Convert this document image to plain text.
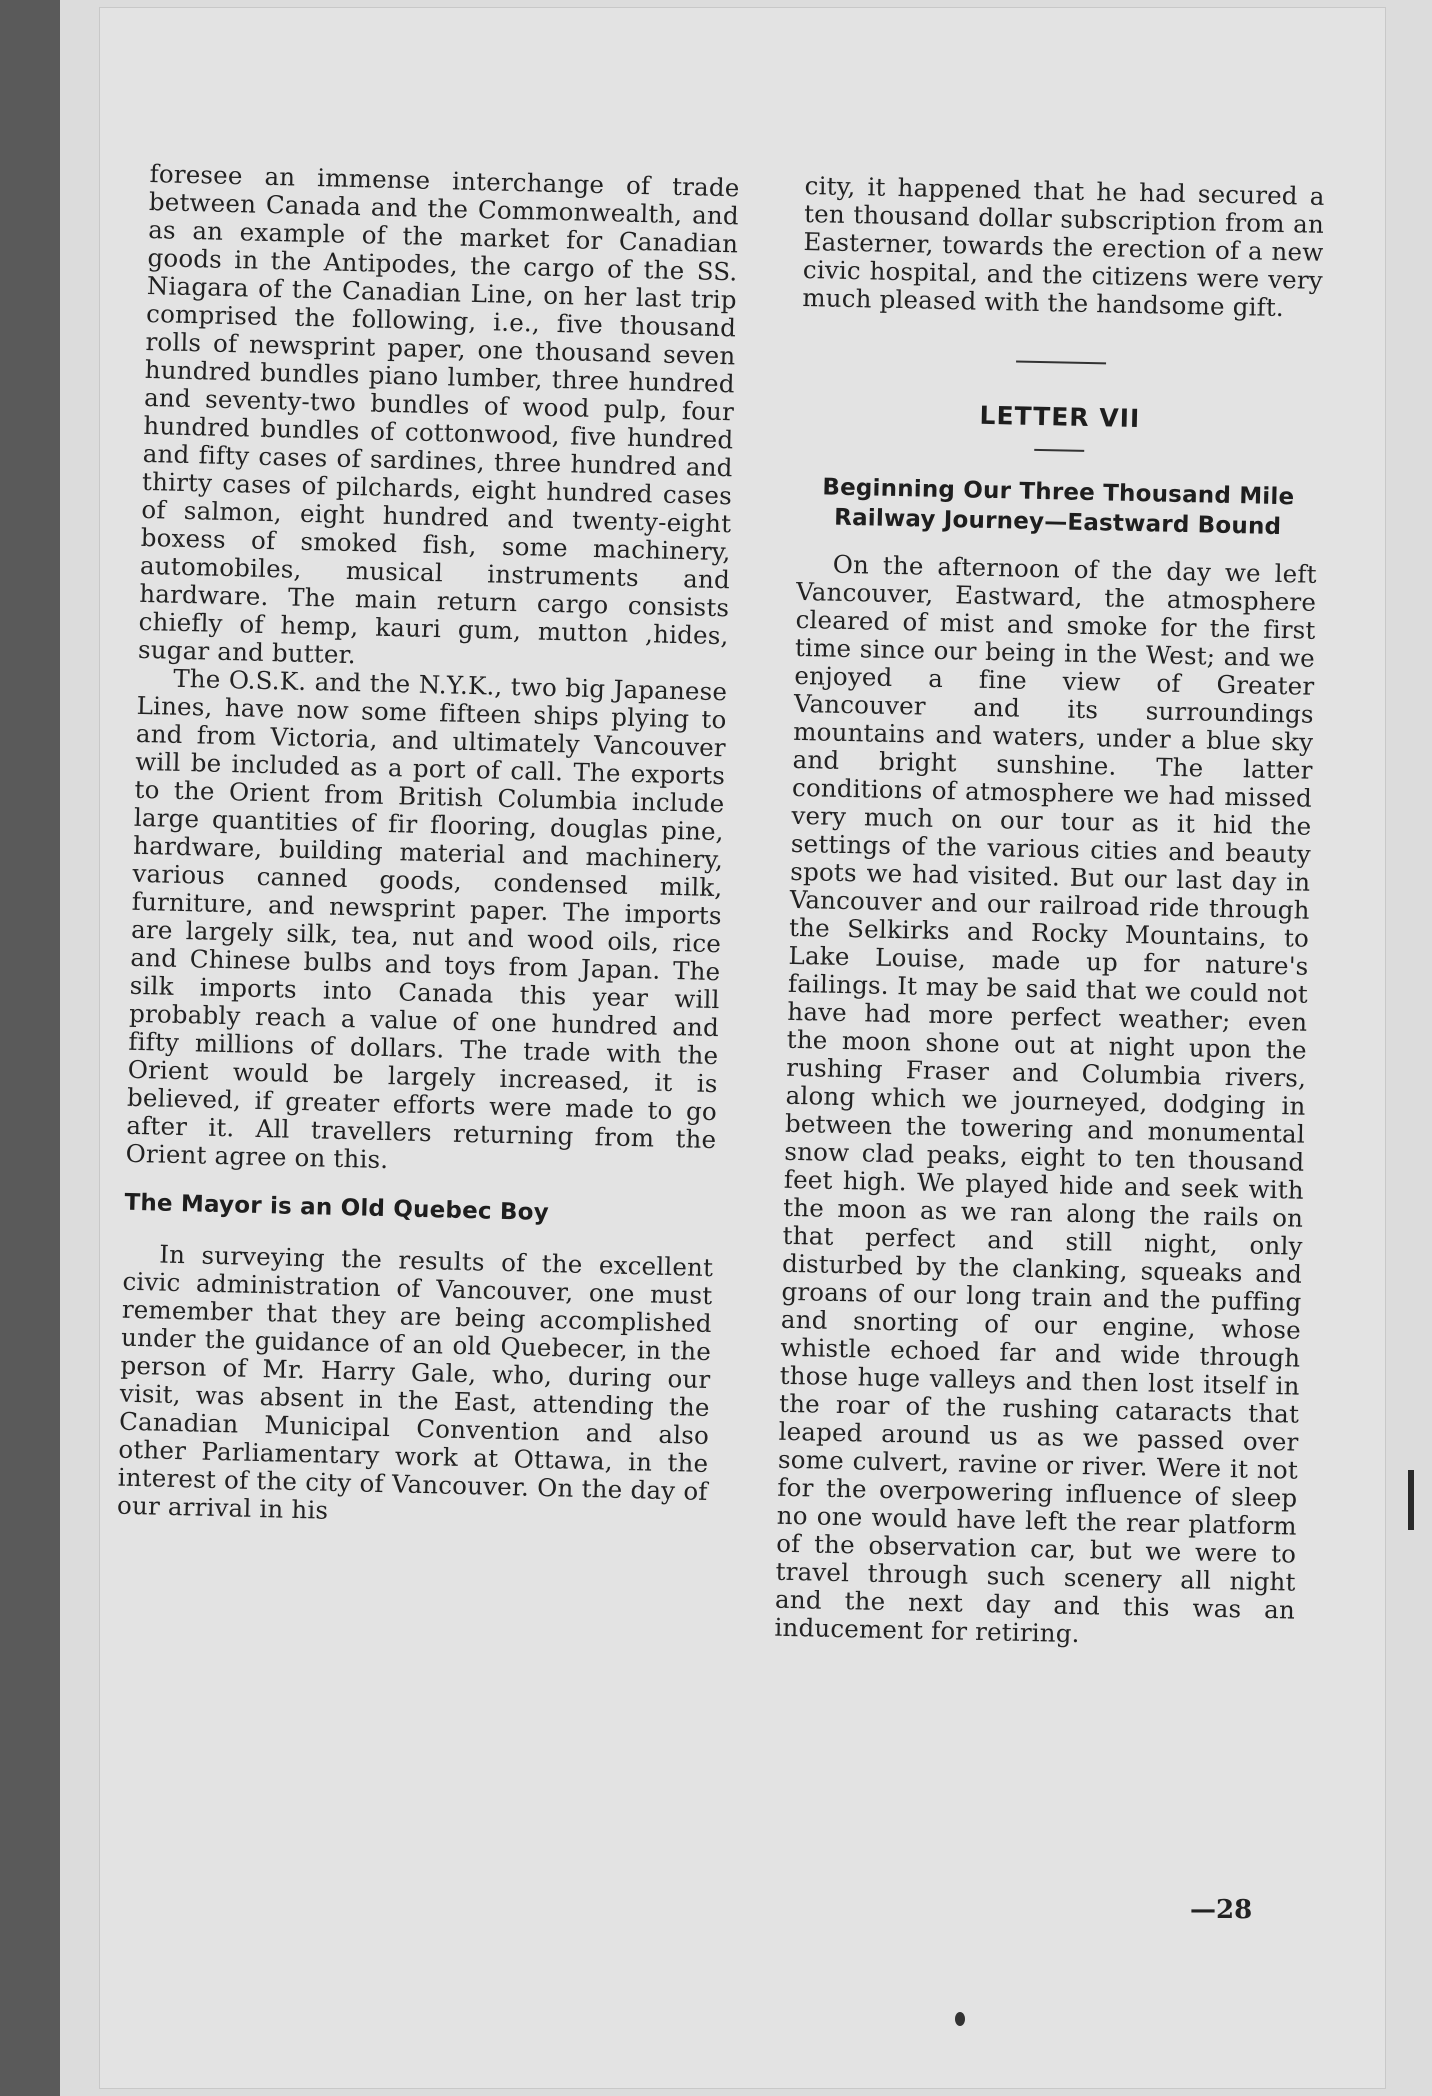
foresee an immense interchange of trade between Canada and the Commonwealth, and as an example of the market for Canadian goods in the Antipodes, the cargo of the SS. Niagara of the Canadian Line, on her last trip comprised the following, i.e., five thousand rolls of newsprint paper, one thousand seven hundred bundles piano lumber, three hundred and seventy-two bundles of wood pulp, four hundred bundles of cottonwood, five hundred and fifty cases of sardines, three hundred and thirty cases of pilchards, eight hundred cases of salmon, eight hundred and twenty-eight boxess of smoked fish, some machinery, automobiles, musical instruments and hardware. The main return cargo consists chiefly of hemp, kauri gum, mutton ,hides, sugar and butter.

The O.S.K. and the N.Y.K., two big Japanese Lines, have now some fifteen ships plying to and from Victoria, and ultimately Vancouver will be included as a port of call. The exports to the Orient from British Columbia include large quantities of fir flooring, douglas pine, hardware, building material and machinery, various canned goods, condensed milk, furniture, and newsprint paper. The imports are largely silk, tea, nut and wood oils, rice and Chinese bulbs and toys from Japan. The silk imports into Canada this year will probably reach a value of one hundred and fifty millions of dollars. The trade with the Orient would be largely increased, it is believed, if greater efforts were made to go after it. All travellers returning from the Orient agree on this.

The Mayor is an Old Quebec Boy

In surveying the results of the excellent civic administration of Vancouver, one must remember that they are being accomplished under the guidance of an old Quebecer, in the person of Mr. Harry Gale, who, during our visit, was absent in the East, attending the Canadian Municipal Convention and also other Parliamentary work at Ottawa, in the interest of the city of Vancouver. On the day of our arrival in his

city, it happened that he had secured a ten thousand dollar subscription from an Easterner, towards the erection of a new civic hospital, and the citizens were very much pleased with the handsome gift.

LETTER VII
Beginning Our Three Thousand Mile Railway Journey—Eastward Bound

On the afternoon of the day we left Vancouver, Eastward, the atmosphere cleared of mist and smoke for the first time since our being in the West; and we enjoyed a fine view of Greater Vancouver and its surroundings mountains and waters, under a blue sky and bright sunshine. The latter conditions of atmosphere we had missed very much on our tour as it hid the settings of the various cities and beauty spots we had visited. But our last day in Vancouver and our railroad ride through the Selkirks and Rocky Mountains, to Lake Louise, made up for nature's failings. It may be said that we could not have had more perfect weather; even the moon shone out at night upon the rushing Fraser and Columbia rivers, along which we journeyed, dodging in between the towering and monumental snow clad peaks, eight to ten thousand feet high. We played hide and seek with the moon as we ran along the rails on that perfect and still night, only disturbed by the clanking, squeaks and groans of our long train and the puffing and snorting of our engine, whose whistle echoed far and wide through those huge valleys and then lost itself in the roar of the rushing cataracts that leaped around us as we passed over some culvert, ravine or river. Were it not for the overpowering influence of sleep no one would have left the rear platform of the observation car, but we were to travel through such scenery all night and the next day and this was an inducement for retiring.

—28
